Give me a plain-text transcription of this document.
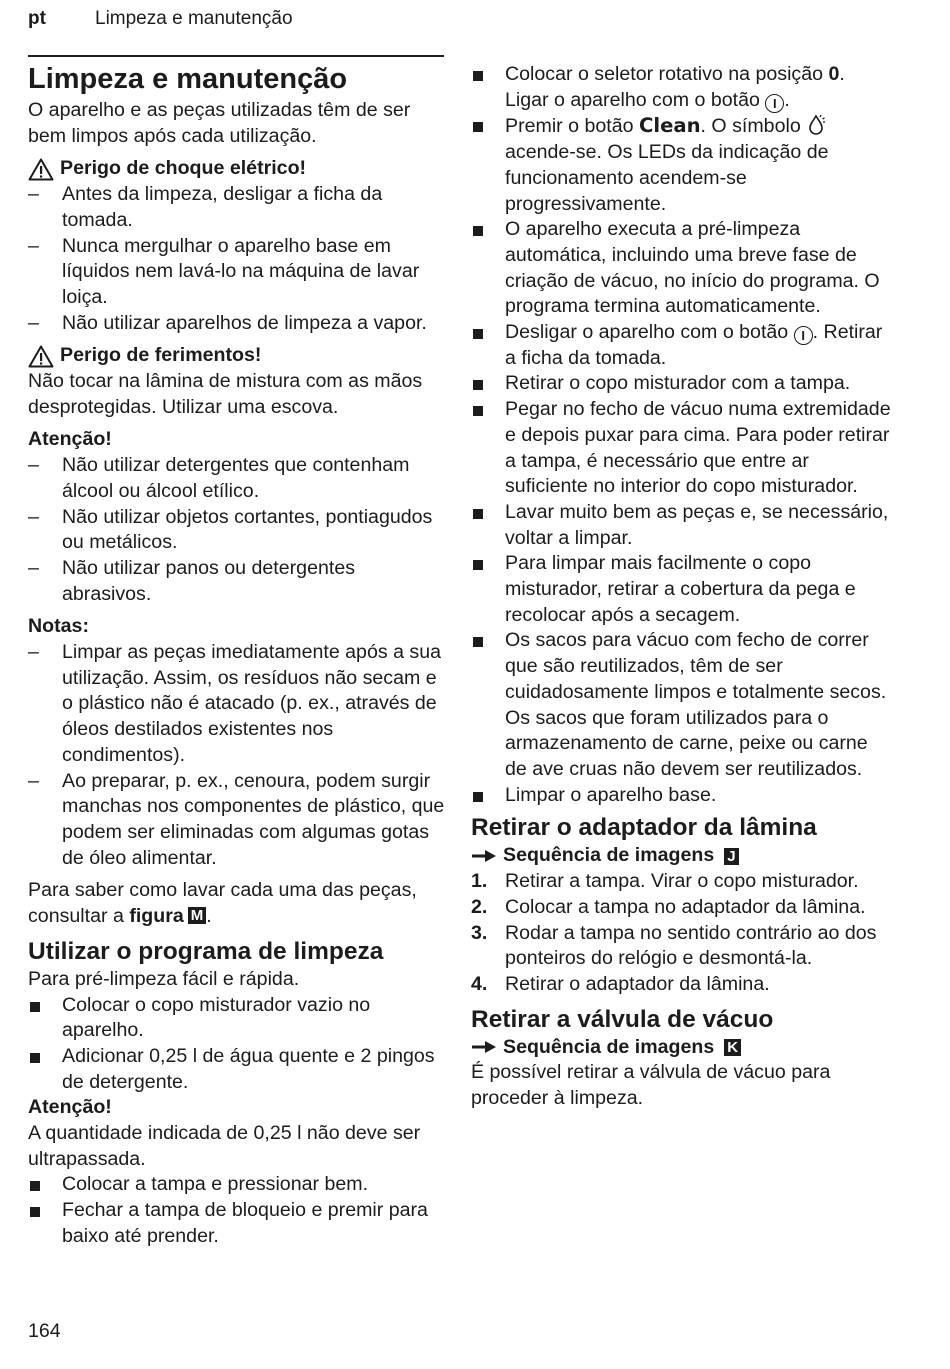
pt	Limpeza e manutenção
Limpeza e manutenção

O aparelho e as peças utilizadas têm de ser bem limpos após cada utilização.

Perigo de choque elétrico!
– Antes da limpeza, desligar a ficha da tomada.
– Nunca mergulhar o aparelho base em líquidos nem lavá-lo na máquina de lavar loiça.
– Não utilizar aparelhos de limpeza a vapor.
Perigo de ferimentos!

Não tocar na lâmina de mistura com as mãos desprotegidas. Utilizar uma escova.

Atenção!

– Não utilizar detergentes que contenham álcool ou álcool etílico.
– Não utilizar objetos cortantes, pontiagudos ou metálicos.
– Não utilizar panos ou detergentes abrasivos.

Notas:

– Limpar as peças imediatamente após a sua utilização. Assim, os resíduos não secam e o plástico não é atacado (p. ex., através de óleos destilados existentes nos condimentos).
– Ao preparar, p. ex., cenoura, podem surgir manchas nos componentes de plástico, que podem ser eliminadas com algumas gotas de óleo alimentar.

Para saber como lavar cada uma das peças, consultar a figura M .

Utilizar o programa de limpeza

Para pré-limpeza fácil e rápida.

Colocar o copo misturador vazio no aparelho.
Adicionar 0,25 l de água quente e 2 pingos de detergente.

Atenção!

A quantidade indicada de 0,25 l não deve ser ultrapassada.

Colocar a tampa e pressionar bem.
Fechar a tampa de bloqueio e premir para baixo até prender.
Colocar o seletor rotativo na posição 0. Ligar o aparelho com o botão I .
Premir o botão Clean. O símbolo  acende-se. Os LEDs da indicação de funcionamento acendem-se progressivamente.
O aparelho executa a pré-limpeza automática, incluindo uma breve fase de criação de vácuo, no início do programa. O programa termina automaticamente.
Desligar o aparelho com o botão I . Retirar a ficha da tomada.
Retirar o copo misturador com a tampa.
Pegar no fecho de vácuo numa extremidade e depois puxar para cima. Para poder retirar a tampa, é necessário que entre ar suficiente no interior do copo misturador.
Lavar muito bem as peças e, se necessário, voltar a limpar.
Para limpar mais facilmente o copo misturador, retirar a cobertura da pega e recolocar após a secagem.
Os sacos para vácuo com fecho de correr que são reutilizados, têm de ser cuidadosamente limpos e totalmente secos. Os sacos que foram utilizados para o armazenamento de carne, peixe ou carne de ave cruas não devem ser reutilizados.
Limpar o aparelho base.
Retirar o adaptador da lâmina
Sequência de imagens J
1. Retirar a tampa. Virar o copo misturador.
2. Colocar a tampa no adaptador da lâmina.
3. Rodar a tampa no sentido contrário ao dos ponteiros do relógio e desmontá-la.
4. Retirar o adaptador da lâmina.
Retirar a válvula de vácuo
Sequência de imagens K

É possível retirar a válvula de vácuo para proceder à limpeza.

164
